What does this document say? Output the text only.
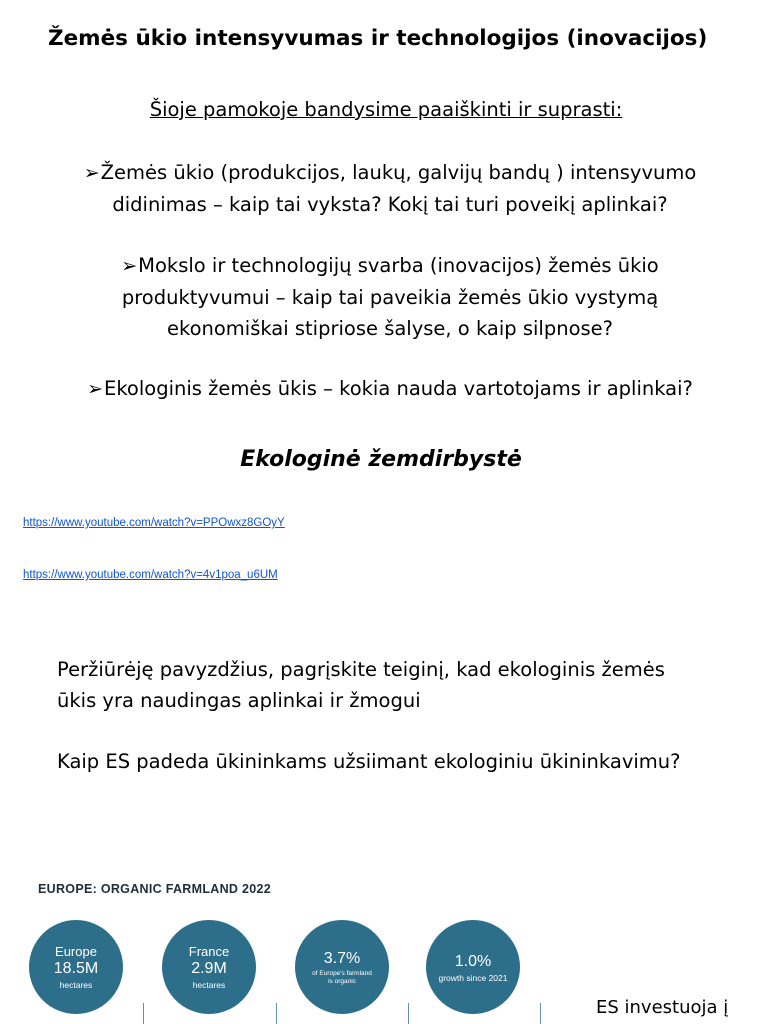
Žemės ūkio intensyvumas ir technologijos (inovacijos)
Šioje pamokoje bandysime paaiškinti ir suprasti:
➢Žemės ūkio (produkcijos, laukų, galvijų bandų ) intensyvumo
didinimas – kaip tai vyksta? Kokį tai turi poveikį aplinkai?
➢Mokslo ir technologijų svarba (inovacijos) žemės ūkio
produktyvumui – kaip tai paveikia žemės ūkio vystymą
ekonomiškai stipriose šalyse, o kaip silpnose?
➢Ekologinis žemės ūkis – kokia nauda vartotojams ir aplinkai?
Ekologinė žemdirbystė
https://www.youtube.com/watch?v=PPOwxz8GOyY
https://www.youtube.com/watch?v=4v1poa_u6UM
Peržiūrėję pavyzdžius, pagrįskite teiginį, kad ekologinis žemės
ūkis yra naudingas aplinkai ir žmogui
Kaip ES padeda ūkininkams užsiimant ekologiniu ūkininkavimu?
EUROPE: ORGANIC FARMLAND 2022
Europe
18.5M
hectares
France
2.9M
hectares
3.7%
of Europe's farmland is organic
1.0%
growth since 2021
ES investuoja į
